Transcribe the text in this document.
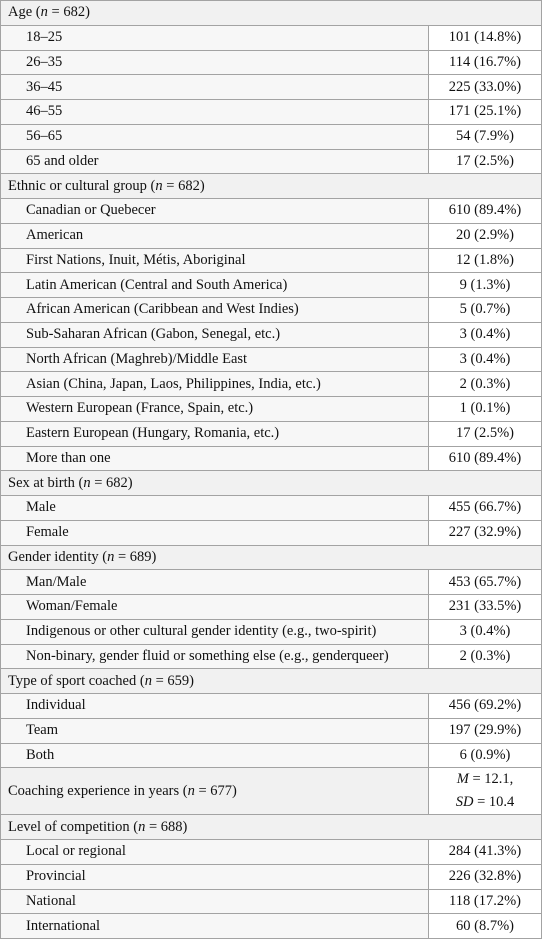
Age (n = 682)	
18–25	101 (14.8%)
26–35	114 (16.7%)
36–45	225 (33.0%)
46–55	171 (25.1%)
56–65	54 (7.9%)
65 and older	17 (2.5%)
Ethnic or cultural group (n = 682)	
Canadian or Quebecer	610 (89.4%)
American	20 (2.9%)
First Nations, Inuit, Métis, Aboriginal	12 (1.8%)
Latin American (Central and South America)	9 (1.3%)
African American (Caribbean and West Indies)	5 (0.7%)
Sub-Saharan African (Gabon, Senegal, etc.)	3 (0.4%)
North African (Maghreb)/Middle East	3 (0.4%)
Asian (China, Japan, Laos, Philippines, India, etc.)	2 (0.3%)
Western European (France, Spain, etc.)	1 (0.1%)
Eastern European (Hungary, Romania, etc.)	17 (2.5%)
More than one	610 (89.4%)
Sex at birth (n = 682)	
Male	455 (66.7%)
Female	227 (32.9%)
Gender identity (n = 689)	
Man/Male	453 (65.7%)
Woman/Female	231 (33.5%)
Indigenous or other cultural gender identity (e.g., two-spirit)	3 (0.4%)
Non-binary, gender fluid or something else (e.g., genderqueer)	2 (0.3%)
Type of sport coached (n = 659)	
Individual	456 (69.2%)
Team	197 (29.9%)
Both	6 (0.9%)
Coaching experience in years (n = 677)	M = 12.1,
SD = 10.4

Level of competition (n = 688)	
Local or regional	284 (41.3%)
Provincial	226 (32.8%)
National	118 (17.2%)
International	60 (8.7%)
